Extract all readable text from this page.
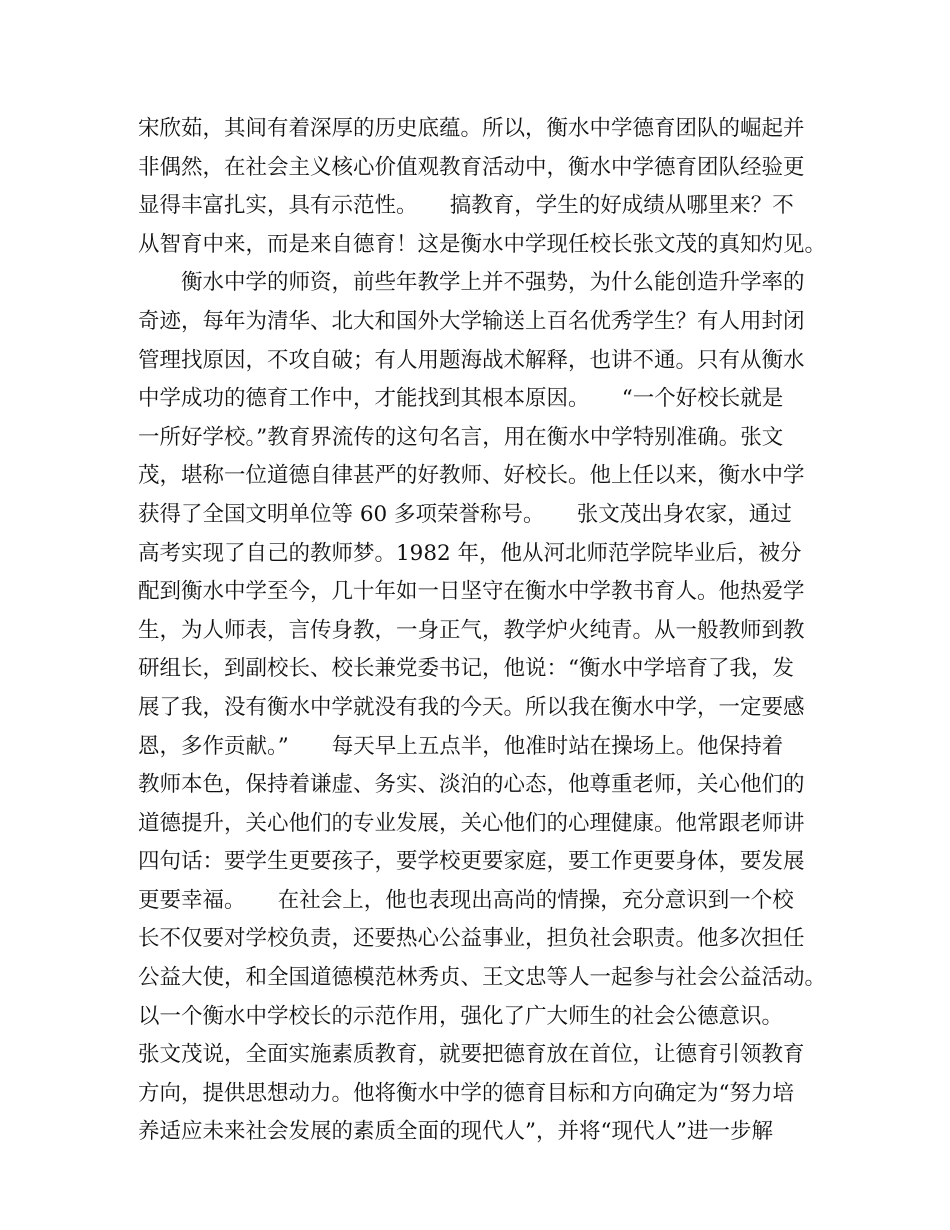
宋欣茹，其间有着深厚的历史底蕴。所以，衡水中学德育团队的崛起并
非偶然，在社会主义核心价值观教育活动中，衡水中学德育团队经验更
显得丰富扎实，具有示范性。　　搞教育，学生的好成绩从哪里来？不
从智育中来，而是来自德育！这是衡水中学现任校长张文茂的真知灼见。
　　衡水中学的师资，前些年教学上并不强势，为什么能创造升学率的
奇迹，每年为清华、北大和国外大学输送上百名优秀学生？有人用封闭
管理找原因，不攻自破；有人用题海战术解释，也讲不通。只有从衡水
中学成功的德育工作中，才能找到其根本原因。　　“一个好校长就是
一所好学校。”教育界流传的这句名言，用在衡水中学特别准确。张文
茂，堪称一位道德自律甚严的好教师、好校长。他上任以来，衡水中学
获得了全国文明单位等 60 多项荣誉称号。　　张文茂出身农家，通过
高考实现了自己的教师梦。1982 年，他从河北师范学院毕业后，被分
配到衡水中学至今，几十年如一日坚守在衡水中学教书育人。他热爱学
生，为人师表，言传身教，一身正气，教学炉火纯青。从一般教师到教
研组长，到副校长、校长兼党委书记，他说：“衡水中学培育了我，发
展了我，没有衡水中学就没有我的今天。所以我在衡水中学，一定要感
恩，多作贡献。”　　每天早上五点半，他准时站在操场上。他保持着
教师本色，保持着谦虚、务实、淡泊的心态，他尊重老师，关心他们的
道德提升，关心他们的专业发展，关心他们的心理健康。他常跟老师讲
四句话：要学生更要孩子，要学校更要家庭，要工作更要身体，要发展
更要幸福。　　在社会上，他也表现出高尚的情操，充分意识到一个校
长不仅要对学校负责，还要热心公益事业，担负社会职责。他多次担任
公益大使，和全国道德模范林秀贞、王文忠等人一起参与社会公益活动。
以一个衡水中学校长的示范作用，强化了广大师生的社会公德意识。
张文茂说，全面实施素质教育，就要把德育放在首位，让德育引领教育
方向，提供思想动力。他将衡水中学的德育目标和方向确定为“努力培
养适应未来社会发展的素质全面的现代人”，并将“现代人”进一步解
